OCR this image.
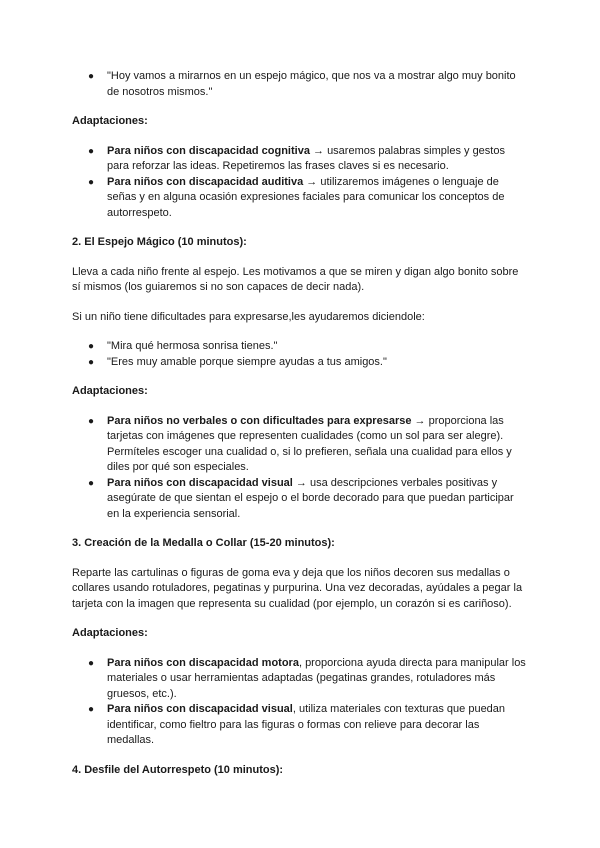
● "Hoy vamos a mirarnos en un espejo mágico, que nos va a mostrar algo muy bonito de nosotros mismos."

Adaptaciones:

● Para niños con discapacidad cognitiva → usaremos palabras simples y gestos para reforzar las ideas. Repetiremos las frases claves si es necesario.
● Para niños con discapacidad auditiva → utilizaremos imágenes o lenguaje de señas y en alguna ocasión expresiones faciales para comunicar los conceptos de autorrespeto.

2. El Espejo Mágico (10 minutos):

Lleva a cada niño frente al espejo. Les motivamos a que se miren y digan algo bonito sobre sí mismos (los guiaremos si no son capaces de decir nada).

Si un niño tiene dificultades para expresarse,les ayudaremos diciendole:

● "Mira qué hermosa sonrisa tienes."
● "Eres muy amable porque siempre ayudas a tus amigos."

Adaptaciones:

● Para niños no verbales o con dificultades para expresarse → proporciona las tarjetas con imágenes que representen cualidades (como un sol para ser alegre). Permíteles escoger una cualidad o, si lo prefieren, señala una cualidad para ellos y diles por qué son especiales.
● Para niños con discapacidad visual → usa descripciones verbales positivas y asegúrate de que sientan el espejo o el borde decorado para que puedan participar en la experiencia sensorial.

3. Creación de la Medalla o Collar (15-20 minutos):

Reparte las cartulinas o figuras de goma eva y deja que los niños decoren sus medallas o collares usando rotuladores, pegatinas y purpurina. Una vez decoradas, ayúdales a pegar la tarjeta con la imagen que representa su cualidad (por ejemplo, un corazón si es cariñoso).

Adaptaciones:

● Para niños con discapacidad motora, proporciona ayuda directa para manipular los materiales o usar herramientas adaptadas (pegatinas grandes, rotuladores más gruesos, etc.).
● Para niños con discapacidad visual, utiliza materiales con texturas que puedan identificar, como fieltro para las figuras o formas con relieve para decorar las medallas.

4. Desfile del Autorrespeto (10 minutos):
